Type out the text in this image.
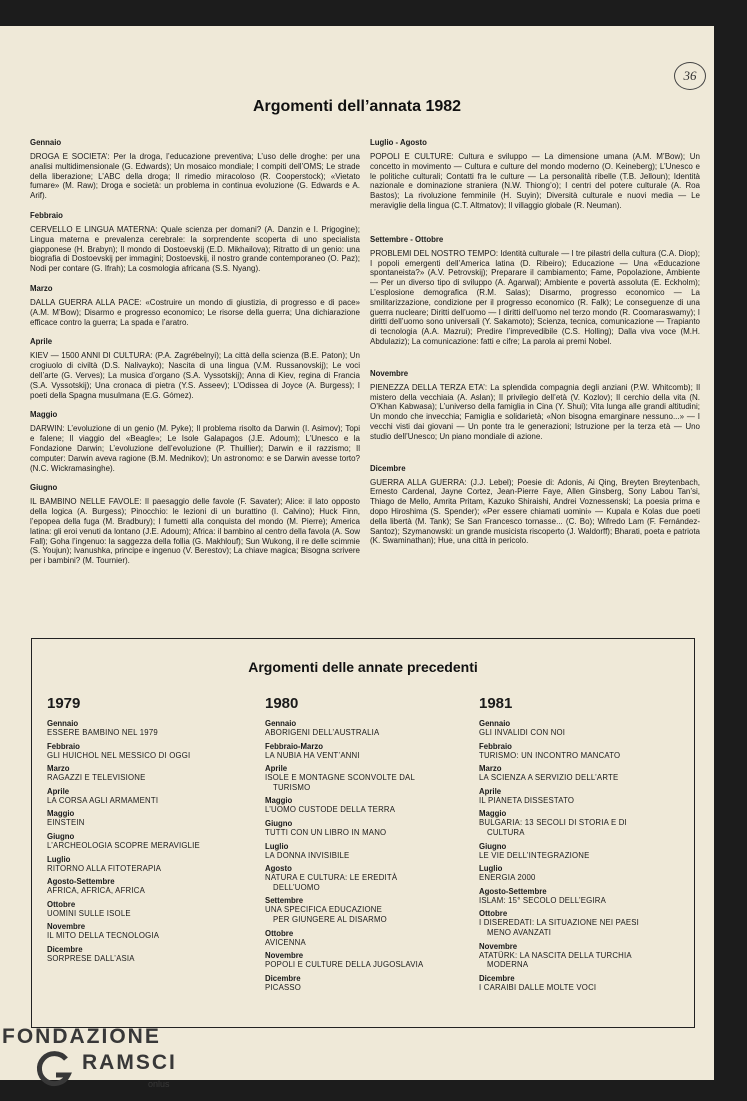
36
Argomenti dell’annata 1982
Gennaio

DROGA E SOCIETA’: Per la droga, l’educazione preventiva; L’uso delle droghe: per una analisi multidimensionale (G. Edwards); Un mosaico mondiale; I compiti dell’OMS; Le strade della liberazione; L’ABC della droga; Il rimedio miracoloso (R. Cooperstock); «Vietato fumare» (M. Raw); Droga e società: un problema in continua evoluzione (G. Edwards e A. Arif).

Febbraio

CERVELLO E LINGUA MATERNA: Quale scienza per domani? (A. Danzin e I. Prigogine); Lingua materna e prevalenza cerebrale: la sorprendente scoperta di uno specialista giapponese (H. Brabyn); Il mondo di Dostoevskij (E.D. Mikhailova); Ritratto di un genio: una biografia di Dostoevskij per immagini; Dostoevskij, il nostro grande contemporaneo (O. Paz); Nodi per contare (G. Ifrah); La cosmologia africana (S.S. Nyang).

Marzo

DALLA GUERRA ALLA PACE: «Costruire un mondo di giustizia, di progresso e di pace» (A.M. M’Bow); Disarmo e progresso economico; Le risorse della guerra; Una dichiarazione efficace contro la guerra; La spada e l’aratro.

Aprile

KIEV — 1500 ANNI DI CULTURA: (P.A. Zagrébelnyi); La città della scienza (B.E. Paton); Un crogiuolo di civiltà (D.S. Nalivayko); Nascita di una lingua (V.M. Russanovskij); Le voci dell’arte (G. Verves); La musica d’organo (S.A. Vyssotskij); Anna di Kiev, regina di Francia (S.A. Vyssotskij); Una cronaca di pietra (Y.S. Asseev); L’Odissea di Joyce (A. Burgess); I poeti della Spagna musulmana (E.G. Gómez).

Maggio

DARWIN: L’evoluzione di un genio (M. Pyke); Il problema risolto da Darwin (I. Asimov); Topi e falene; Il viaggio del «Beagle»; Le Isole Galapagos (J.E. Adoum); L’Unesco e la Fondazione Darwin; L’evoluzione dell’evoluzione (P. Thuillier); Darwin e il razzismo; Il computer: Darwin aveva ragione (B.M. Mednikov); Un astronomo: e se Darwin avesse torto? (N.C. Wickramasinghe).

Giugno

IL BAMBINO NELLE FAVOLE: Il paesaggio delle favole (F. Savater); Alice: il lato opposto della logica (A. Burgess); Pinocchio: le lezioni di un burattino (I. Calvino); Huck Finn, l’epopea della fuga (M. Bradbury); I fumetti alla conquista del mondo (M. Pierre); America latina: gli eroi venuti da lontano (J.E. Adoum); Africa: il bambino al centro della favola (A. Sow Fall); Goha l’ingenuo: la saggezza della follia (G. Makhlouf); Sun Wukong, il re delle scimmie (S. Youjun); Ivanushka, principe e ingenuo (V. Berestov); La chiave magica; Bisogna scrivere per i bambini? (M. Tournier).

Luglio - Agosto

POPOLI E CULTURE: Cultura e sviluppo — La dimensione umana (A.M. M’Bow); Un concetto in movimento — Cultura e culture del mondo moderno (O. Keineberg); L’Unesco e le politiche culturali; Contatti fra le culture — La personalità ribelle (T.B. Jelloun); Identità nazionale e dominazione straniera (N.W. Thiong’o); I centri del potere culturale (A. Roa Bastos); La rivoluzione femminile (H. Suyin); Diversità culturale e nuovi media — Le meraviglie della lingua (C.T. Altmatov); Il villaggio globale (R. Neuman).

Settembre - Ottobre

PROBLEMI DEL NOSTRO TEMPO: Identità culturale — I tre pilastri della cultura (C.A. Diop); I popoli emergenti dell’America latina (D. Ribeiro); Educazione — Una «Educazione spontaneista?» (A.V. Petrovskij); Preparare il cambiamento; Fame, Popolazione, Ambiente — Per un diverso tipo di sviluppo (A. Agarwal); Ambiente e povertà assoluta (E. Eckholm); L’esplosione demografica (R.M. Salas); Disarmo, progresso economico — La smilitarizzazione, condizione per il progresso economico (R. Falk); Le conseguenze di una guerra nucleare; Diritti dell’uomo — I diritti dell’uomo nel terzo mondo (R. Coomaraswamy); I diritti dell’uomo sono universali (Y. Sakamoto); Scienza, tecnica, comunicazione — Trapianto di tecnologia (A.A. Mazrui); Predire l’imprevedibile (C.S. Holling); Dalla viva voce (M.H. Abdulaziz); La comunicazione: fatti e cifre; La parola ai premi Nobel.

Novembre

PIENEZZA DELLA TERZA ETA’: La splendida compagnia degli anziani (P.W. Whitcomb); Il mistero della vecchiaia (A. Aslan); Il privilegio dell’età (V. Kozlov); Il cerchio della vita (N. O’Khan Kabwasa); L’universo della famiglia in Cina (Y. Shui); Vita lunga alle grandi altitudini; Un mondo che invecchia; Famiglia e solidarietà; «Non bisogna emarginare nessuno...» — I vecchi visti dai giovani — Un ponte tra le generazioni; Istruzione per la terza età — Uno studio dell’Unesco; Un piano mondiale di azione.

Dicembre

GUERRA ALLA GUERRA: (J.J. Lebel); Poesie di: Adonis, Ai Qing, Breyten Breytenbach, Ernesto Cardenal, Jayne Cortez, Jean-Pierre Faye, Allen Ginsberg, Sony Labou Tan’si, Thiago de Mello, Amrita Pritam, Kazuko Shiraishi, Andrei Voznessenski; La poesia prima e dopo Hiroshima (S. Spender); «Per essere chiamati uomini» — Kupala e Kolas due poeti della libertà (M. Tank); Se San Francesco tornasse... (C. Bo); Wifredo Lam (F. Fernández-Santoz); Szymanowski: un grande musicista riscoperto (J. Waldorff); Bharati, poeta e patriota (K. Swaminathan); Hue, una città in pericolo.

Argomenti delle annate precedenti
1979
Gennaio
ESSERE BAMBINO NEL 1979
Febbraio
GLI HUICHOL NEL MESSICO DI OGGI
Marzo
RAGAZZI E TELEVISIONE
Aprile
LA CORSA AGLI ARMAMENTI
Maggio
EINSTEIN
Giugno
L’ARCHEOLOGIA SCOPRE MERAVIGLIE
Luglio
RITORNO ALLA FITOTERAPIA
Agosto-Settembre
AFRICA, AFRICA, AFRICA
Ottobre
UOMINI SULLE ISOLE
Novembre
IL MITO DELLA TECNOLOGIA
Dicembre
SORPRESE DALL’ASIA
1980
Gennaio
ABORIGENI DELL’AUSTRALIA
Febbraio-Marzo
LA NUBIA HA VENT’ANNI
Aprile
ISOLE E MONTAGNE SCONVOLTE DAL
TURISMO
Maggio
L’UOMO CUSTODE DELLA TERRA
Giugno
TUTTI CON UN LIBRO IN MANO
Luglio
LA DONNA INVISIBILE
Agosto
NATURA E CULTURA: LE EREDITÀ
DELL’UOMO
Settembre
UNA SPECIFICA EDUCAZIONE
PER GIUNGERE AL DISARMO
Ottobre
AVICENNA
Novembre
POPOLI E CULTURE DELLA JUGOSLAVIA
Dicembre
PICASSO
1981
Gennaio
GLI INVALIDI CON NOI
Febbraio
TURISMO: UN INCONTRO MANCATO
Marzo
LA SCIENZA A SERVIZIO DELL’ARTE
Aprile
IL PIANETA DISSESTATO
Maggio
BULGARIA: 13 SECOLI DI STORIA E DI
CULTURA
Giugno
LE VIE DELL’INTEGRAZIONE
Luglio
ENERGIA 2000
Agosto-Settembre
ISLAM: 15° SECOLO DELL’EGIRA
Ottobre
I DISEREDATI: LA SITUAZIONE NEI PAESI
MENO AVANZATI
Novembre
ATATÜRK: LA NASCITA DELLA TURCHIA
MODERNA
Dicembre
I CARAIBI DALLE MOLTE VOCI
FONDAZIONE
RAMSCI
onlus
